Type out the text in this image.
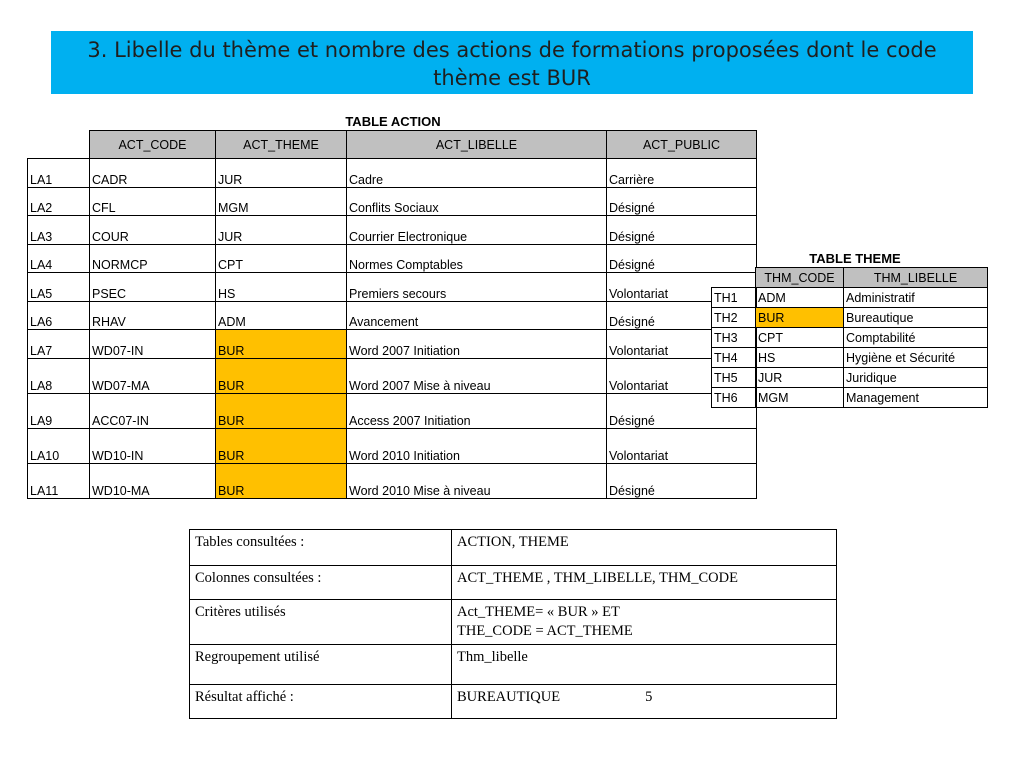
3. Libelle du thème et nombre des actions de formations proposées dont le code
thème est BUR
TABLE ACTION
	ACT_CODE	ACT_THEME	ACT_LIBELLE	ACT_PUBLIC
LA1	CADR	JUR	Cadre	Carrière
LA2	CFL	MGM	Conflits Sociaux	Désigné
LA3	COUR	JUR	Courrier Electronique	Désigné
LA4	NORMCP	CPT	Normes Comptables	Désigné
LA5	PSEC	HS	Premiers secours	Volontariat
LA6	RHAV	ADM	Avancement	Désigné
LA7	WD07-IN	BUR	Word 2007 Initiation	Volontariat
LA8	WD07-MA	BUR	Word 2007 Mise à niveau	Volontariat
LA9	ACC07-IN	BUR	Access 2007 Initiation	Désigné
LA10	WD10-IN	BUR	Word 2010 Initiation	Volontariat
LA11	WD10-MA	BUR	Word 2010 Mise à niveau	Désigné
TABLE THEME
	THM_CODE	THM_LIBELLE
TH1	ADM	Administratif
TH2	BUR	Bureautique
TH3	CPT	Comptabilité
TH4	HS	Hygiène et Sécurité
TH5	JUR	Juridique
TH6	MGM	Management
Tables consultées :	ACTION, THEME
Colonnes consultées :	ACT_THEME , THM_LIBELLE, THM_CODE
Critères utilisés	Act_THEME= « BUR » ET
THE_CODE = ACT_THEME

Regroupement utilisé	Thm_libelle
Résultat affiché :	BUREAUTIQUE 5
